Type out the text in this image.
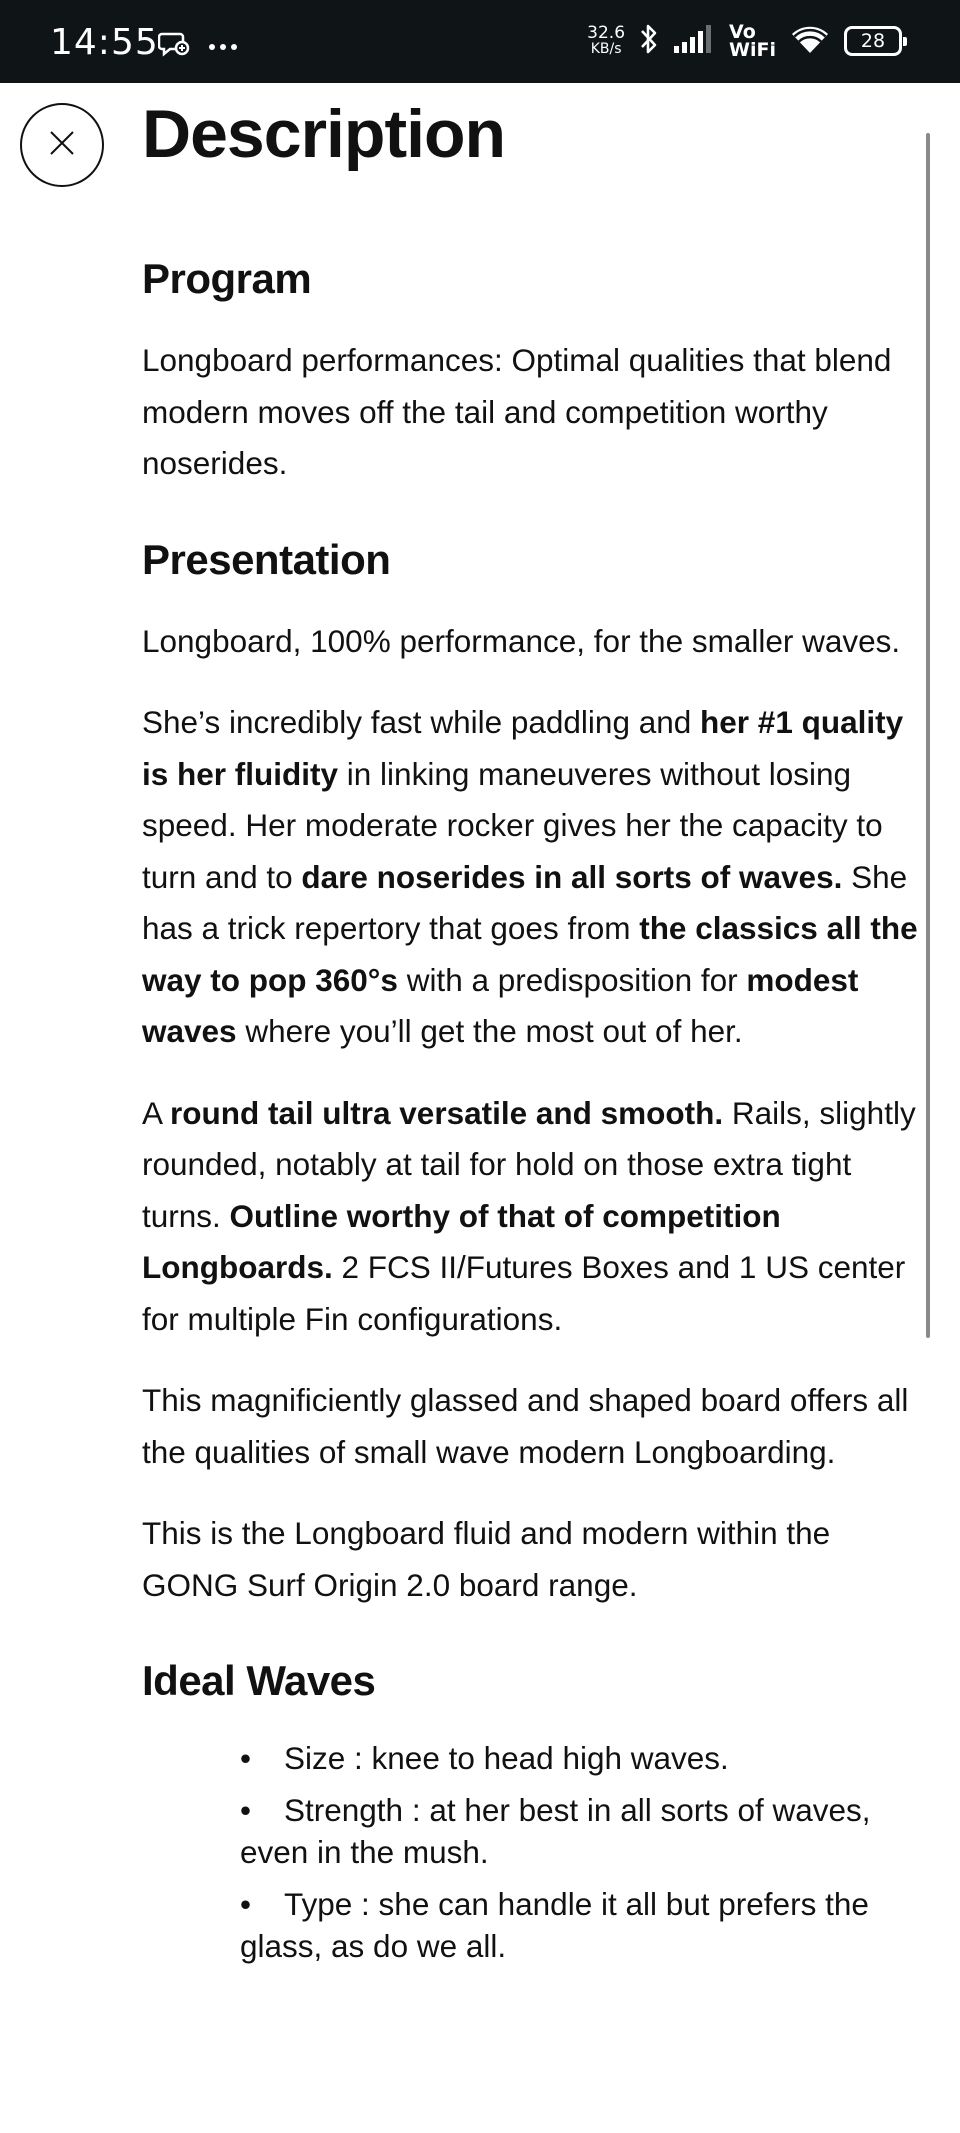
14:55	32.6
KB/s
Vo
WiFi	28
Description
Program

Longboard performances: Optimal qualities that blend modern moves off the tail and competition worthy noserides.

Presentation

Longboard, 100% performance, for the smaller waves.

She’s incredibly fast while paddling and her #1 quality is her fluidity in linking maneuveres without losing speed. Her moderate rocker gives her the capacity to turn and to dare noserides in all sorts of waves. She has a trick repertory that goes from the classics all the way to pop 360°s with a predisposition for modest waves where you’ll get the most out of her.

A round tail ultra versatile and smooth. Rails, slightly rounded, notably at tail for hold on those extra tight turns. Outline worthy of that of competition Longboards. 2 FCS II/Futures Boxes and 1 US center for multiple Fin configurations.

This magnificiently glassed and shaped board offers all the qualities of small wave modern Longboarding.

This is the Longboard fluid and modern within the GONG Surf Origin 2.0 board range.

Ideal Waves
• Size : knee to head high waves.
• Strength : at her best in all sorts of waves, even in the mush.
• Type : she can handle it all but prefers the glass, as do we all.
